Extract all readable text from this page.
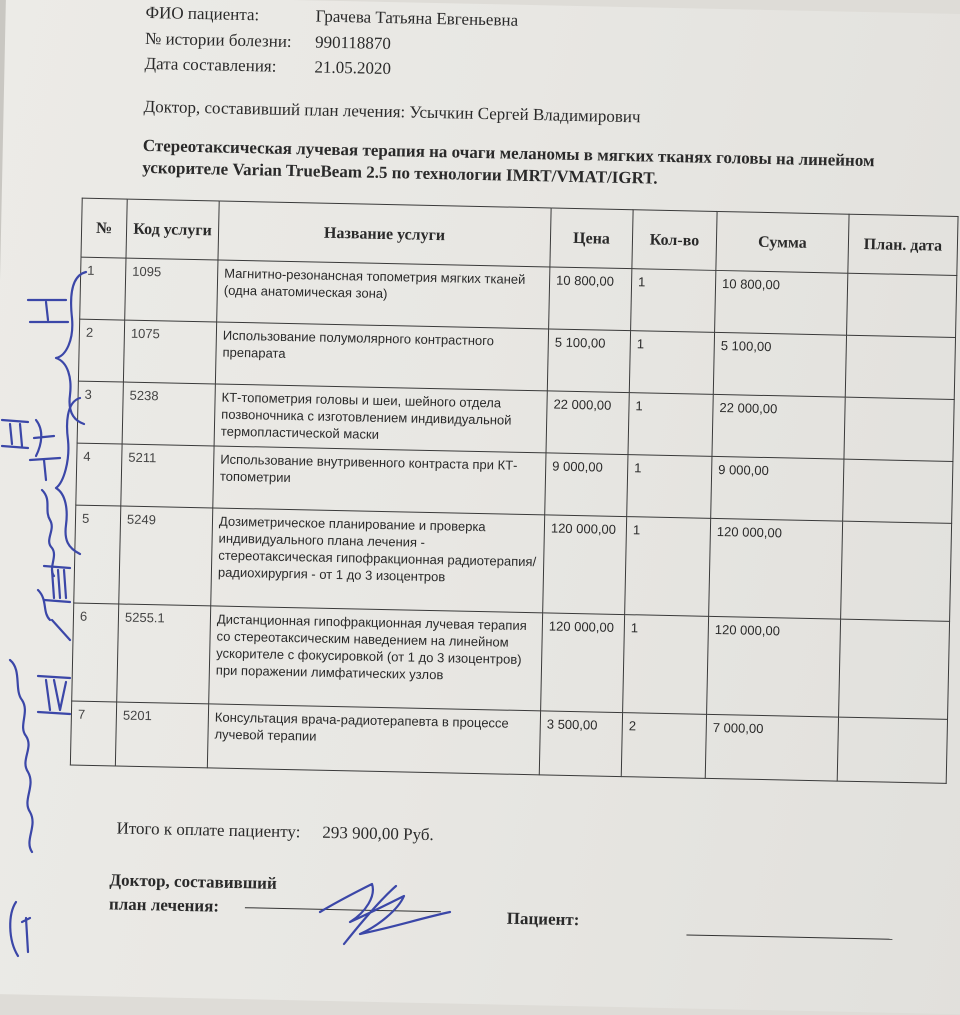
ФИО пациента:	Грачева Татьяна Евгеньевна
№ истории болезни: 990118870
Дата составления: 21.05.2020
Доктор, составивший план лечения: Усычкин Сергей Владимирович
Стереотаксическая лучевая терапия на очаги меланомы в мягких тканях головы на линейном ускорителе Varian TrueBeam 2.5 по технологии IMRT/VMAT/IGRT.
№	Код услуги	Название услуги	Цена	Кол-во	Сумма	План. дата
1	1095	Магнитно-резонансная топометрия мягких тканей (одна анатомическая зона)	10 800,00	1	10 800,00	
2	1075	Использование полумолярного контрастного препарата	5 100,00	1	5 100,00	
3	5238	КТ-топометрия головы и шеи, шейного отдела позвоночника с изготовлением индивидуальной термопластической маски	22 000,00	1	22 000,00	
4	5211	Использование внутривенного контраста при КТ-топометрии	9 000,00	1	9 000,00	
5	5249	Дозиметрическое планирование и проверка индивидуального плана лечения - стереотаксическая гипофракционная радиотерапия/радиохирургия - от 1 до 3 изоцентров	120 000,00	1	120 000,00	
6	5255.1	Дистанционная гипофракционная лучевая терапия со стереотаксическим наведением на линейном ускорителе с фокусировкой (от 1 до 3 изоцентров) при поражении лимфатических узлов	120 000,00	1	120 000,00	
7	5201	Консультация врача-радиотерапевта в процессе лучевой терапии	3 500,00	2	7 000,00	
Итого к оплате пациенту: 293 900,00 Руб.
Доктор, составивший
план лечения:
Пациент:
